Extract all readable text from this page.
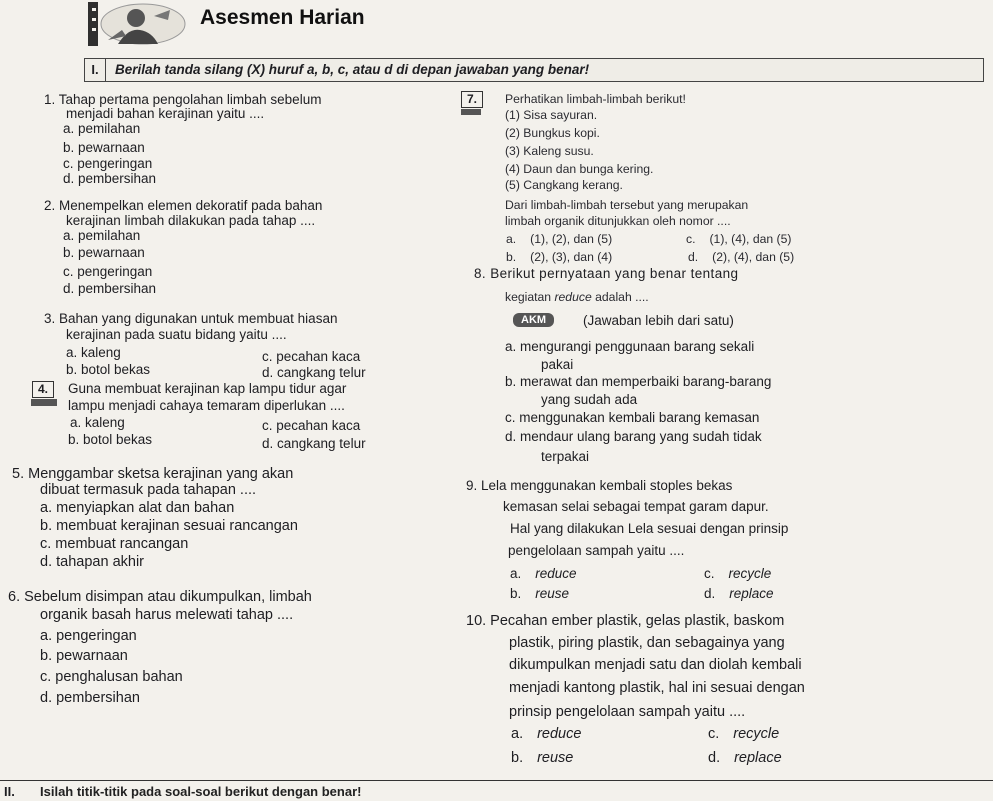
Asesmen Harian
I.	Berilah tanda silang (X) huruf a, b, c, atau d di depan jawaban yang benar!
1. Tahap pertama pengolahan limbah sebelum
menjadi bahan kerajinan yaitu ....
a. pemilahan
b. pewarnaan
c. pengeringan
d. pembersihan
2. Menempelkan elemen dekoratif pada bahan
kerajinan limbah dilakukan pada tahap ....
a. pemilahan
b. pewarnaan
c. pengeringan
d. pembersihan
3. Bahan yang digunakan untuk membuat hiasan
kerajinan pada suatu bidang yaitu ....
a. kaleng	c. pecahan kaca
b. botol bekas	d. cangkang telur
4.	Guna membuat kerajinan kap lampu tidur agar
lampu menjadi cahaya temaram diperlukan ....
a. kaleng	c. pecahan kaca
b. botol bekas	d. cangkang telur
5. Menggambar sketsa kerajinan yang akan
dibuat termasuk pada tahapan ....
a. menyiapkan alat dan bahan
b. membuat kerajinan sesuai rancangan
c. membuat rancangan
d. tahapan akhir
6. Sebelum disimpan atau dikumpulkan, limbah
organik basah harus melewati tahap ....
a. pengeringan
b. pewarnaan
c. penghalusan bahan
d. pembersihan
7.	Perhatikan limbah-limbah berikut!
(1) Sisa sayuran.
(2) Bungkus kopi.
(3) Kaleng susu.
(4) Daun dan bunga kering.
(5) Cangkang kerang.
Dari limbah-limbah tersebut yang merupakan
limbah organik ditunjukkan oleh nomor ....
a. (1), (2), dan (5)
b. (2), (3), dan (4)
c. (1), (4), dan (5)
d. (2), (4), dan (5)
8. Berikut pernyataan yang benar tentang
kegiatan reduce adalah ....
AKM	(Jawaban lebih dari satu)
a. mengurangi penggunaan barang sekali
pakai
b. merawat dan memperbaiki barang-barang
yang sudah ada
c. menggunakan kembali barang kemasan
d. mendaur ulang barang yang sudah tidak
terpakai
9. Lela menggunakan kembali stoples bekas
kemasan selai sebagai tempat garam dapur.
Hal yang dilakukan Lela sesuai dengan prinsip
pengelolaan sampah yaitu ....
a. reduce
b. reuse
c. recycle
d. replace
10. Pecahan ember plastik, gelas plastik, baskom
plastik, piring plastik, dan sebagainya yang
dikumpulkan menjadi satu dan diolah kembali
menjadi kantong plastik, hal ini sesuai dengan
prinsip pengelolaan sampah yaitu ....
a. reduce
b. reuse
c. recycle
d. replace
II. Isilah titik-titik pada soal-soal berikut dengan benar!
